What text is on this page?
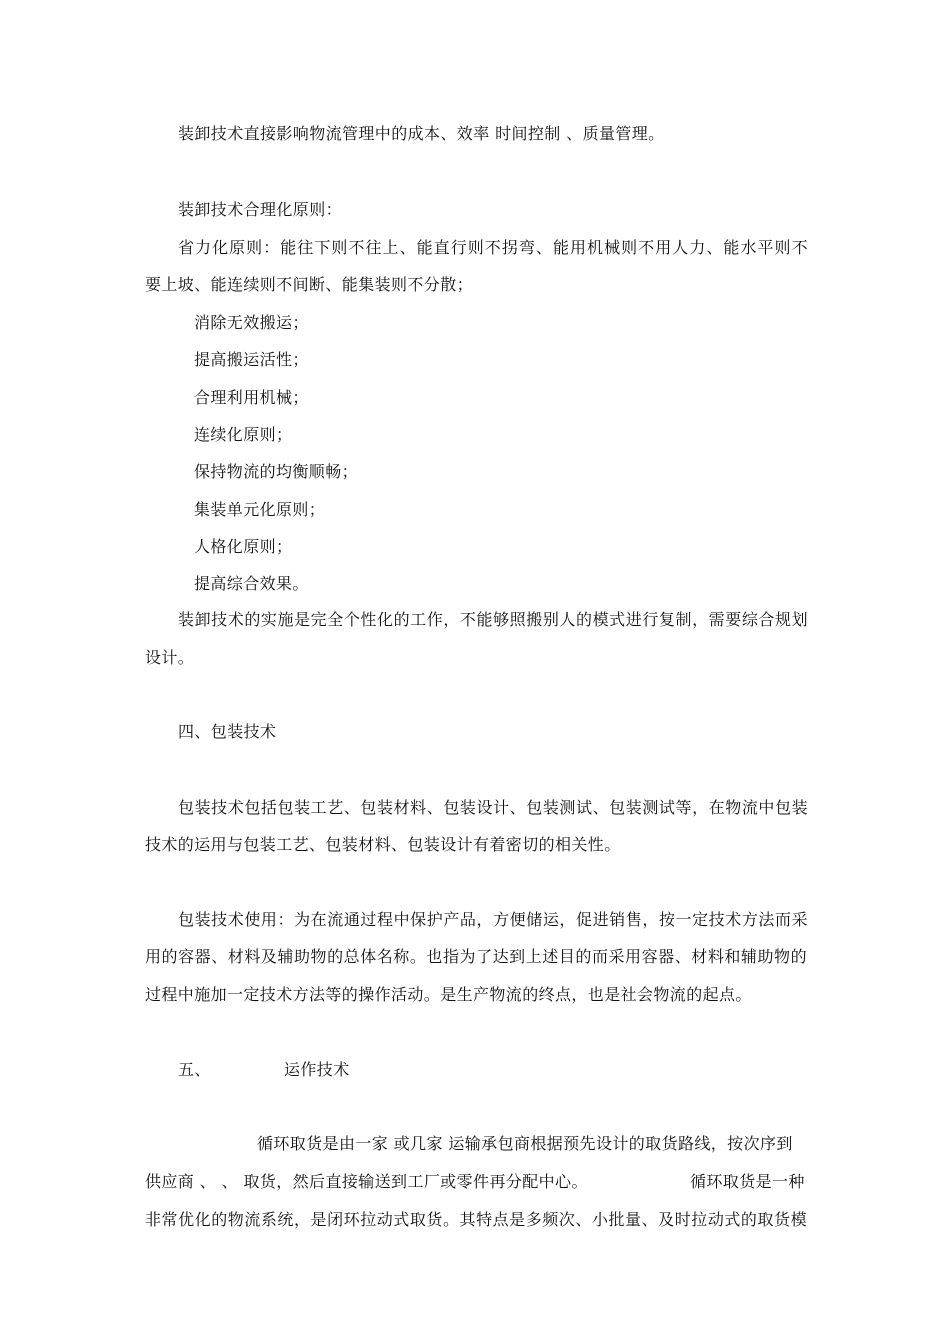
装卸技术直接影响物流管理中的成本、效率 时间控制 、质量管理。
装卸技术合理化原则：
省力化原则：能往下则不往上、能直行则不拐弯、能用机械则不用人力、能水平则不
要上坡、能连续则不间断、能集装则不分散；
消除无效搬运；
提高搬运活性；
合理利用机械；
连续化原则；
保持物流的均衡顺畅；
集装单元化原则；
人格化原则；
提高综合效果。
装卸技术的实施是完全个性化的工作，不能够照搬别人的模式进行复制，需要综合规划
设计。
四、包装技术
包装技术包括包装工艺、包装材料、包装设计、包装测试、包装测试等，在物流中包装
技术的运用与包装工艺、包装材料、包装设计有着密切的相关性。
包装技术使用：为在流通过程中保护产品，方便储运，促进销售，按一定技术方法而采
用的容器、材料及辅助物的总体名称。也指为了达到上述目的而采用容器、材料和辅助物的
过程中施加一定技术方法等的操作活动。是生产物流的终点，也是社会物流的起点。
五、	运作技术
循环取货是由一家 或几家 运输承包商根据预先设计的取货路线，按次序到
供应商 、 、 取货，然后直接输送到工厂或零件再分配中心。	循环取货是一种
非常优化的物流系统，是闭环拉动式取货。其特点是多频次、小批量、及时拉动式的取货模
